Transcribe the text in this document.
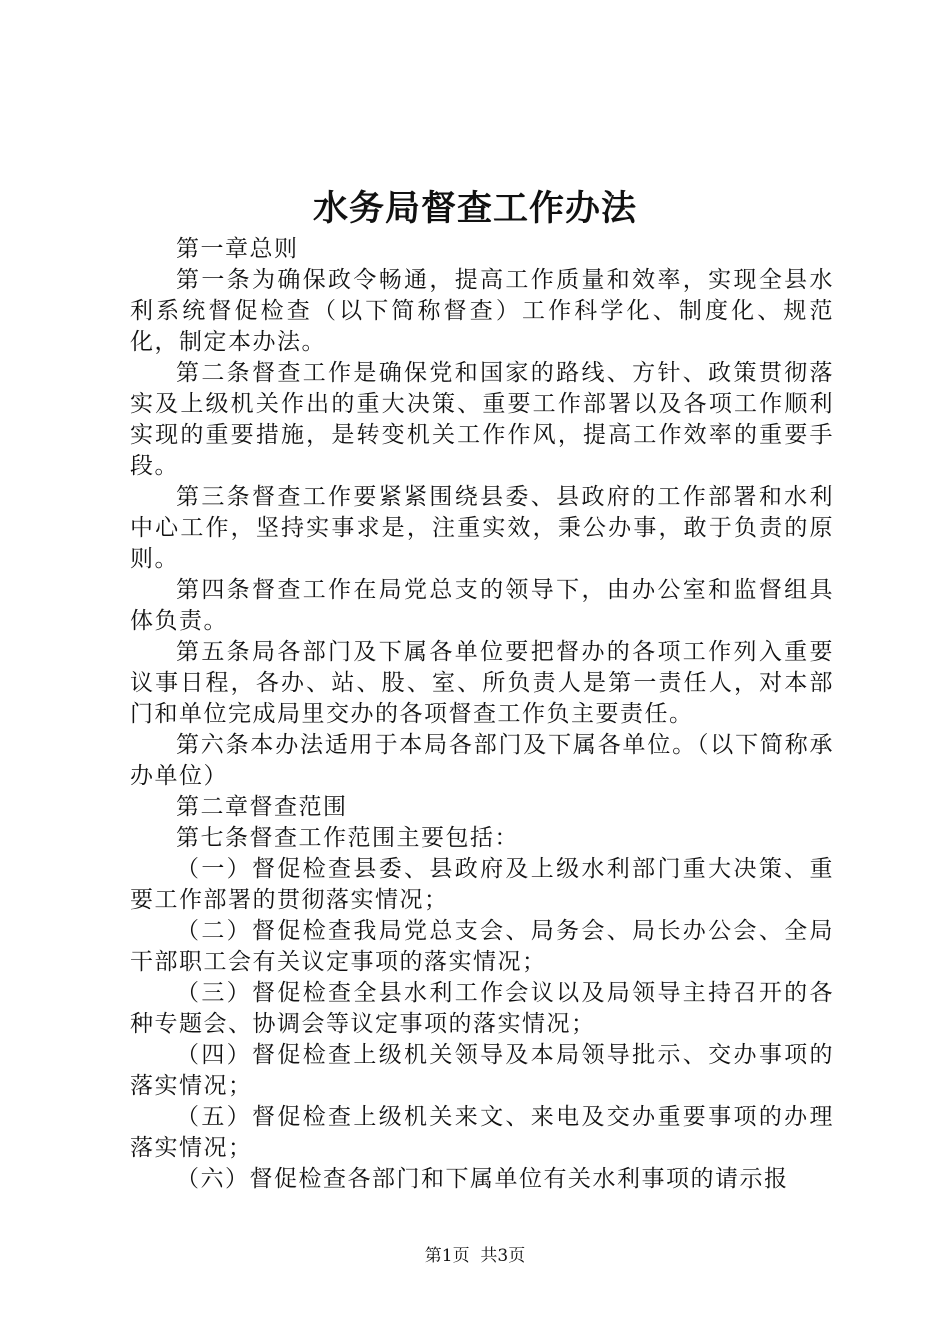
水务局督查工作办法

第一章总则

第一条为确保政令畅通，提高工作质量和效率，实现全县水利系统督促检查（以下简称督查）工作科学化、制度化、规范化，制定本办法。

第二条督查工作是确保党和国家的路线、方针、政策贯彻落实及上级机关作出的重大决策、重要工作部署以及各项工作顺利实现的重要措施，是转变机关工作作风，提高工作效率的重要手段。

第三条督查工作要紧紧围绕县委、县政府的工作部署和水利中心工作，坚持实事求是，注重实效，秉公办事，敢于负责的原则。

第四条督查工作在局党总支的领导下，由办公室和监督组具体负责。

第五条局各部门及下属各单位要把督办的各项工作列入重要议事日程，各办、站、股、室、所负责人是第一责任人，对本部门和单位完成局里交办的各项督查工作负主要责任。

第六条本办法适用于本局各部门及下属各单位。（以下简称承办单位）

第二章督查范围

第七条督查工作范围主要包括：

（一）督促检查县委、县政府及上级水利部门重大决策、重要工作部署的贯彻落实情况；

（二）督促检查我局党总支会、局务会、局长办公会、全局干部职工会有关议定事项的落实情况；

（三）督促检查全县水利工作会议以及局领导主持召开的各种专题会、协调会等议定事项的落实情况；

（四）督促检查上级机关领导及本局领导批示、交办事项的落实情况；

（五）督促检查上级机关来文、来电及交办重要事项的办理落实情况；

（六）督促检查各部门和下属单位有关水利事项的请示报

第1页 共3页
